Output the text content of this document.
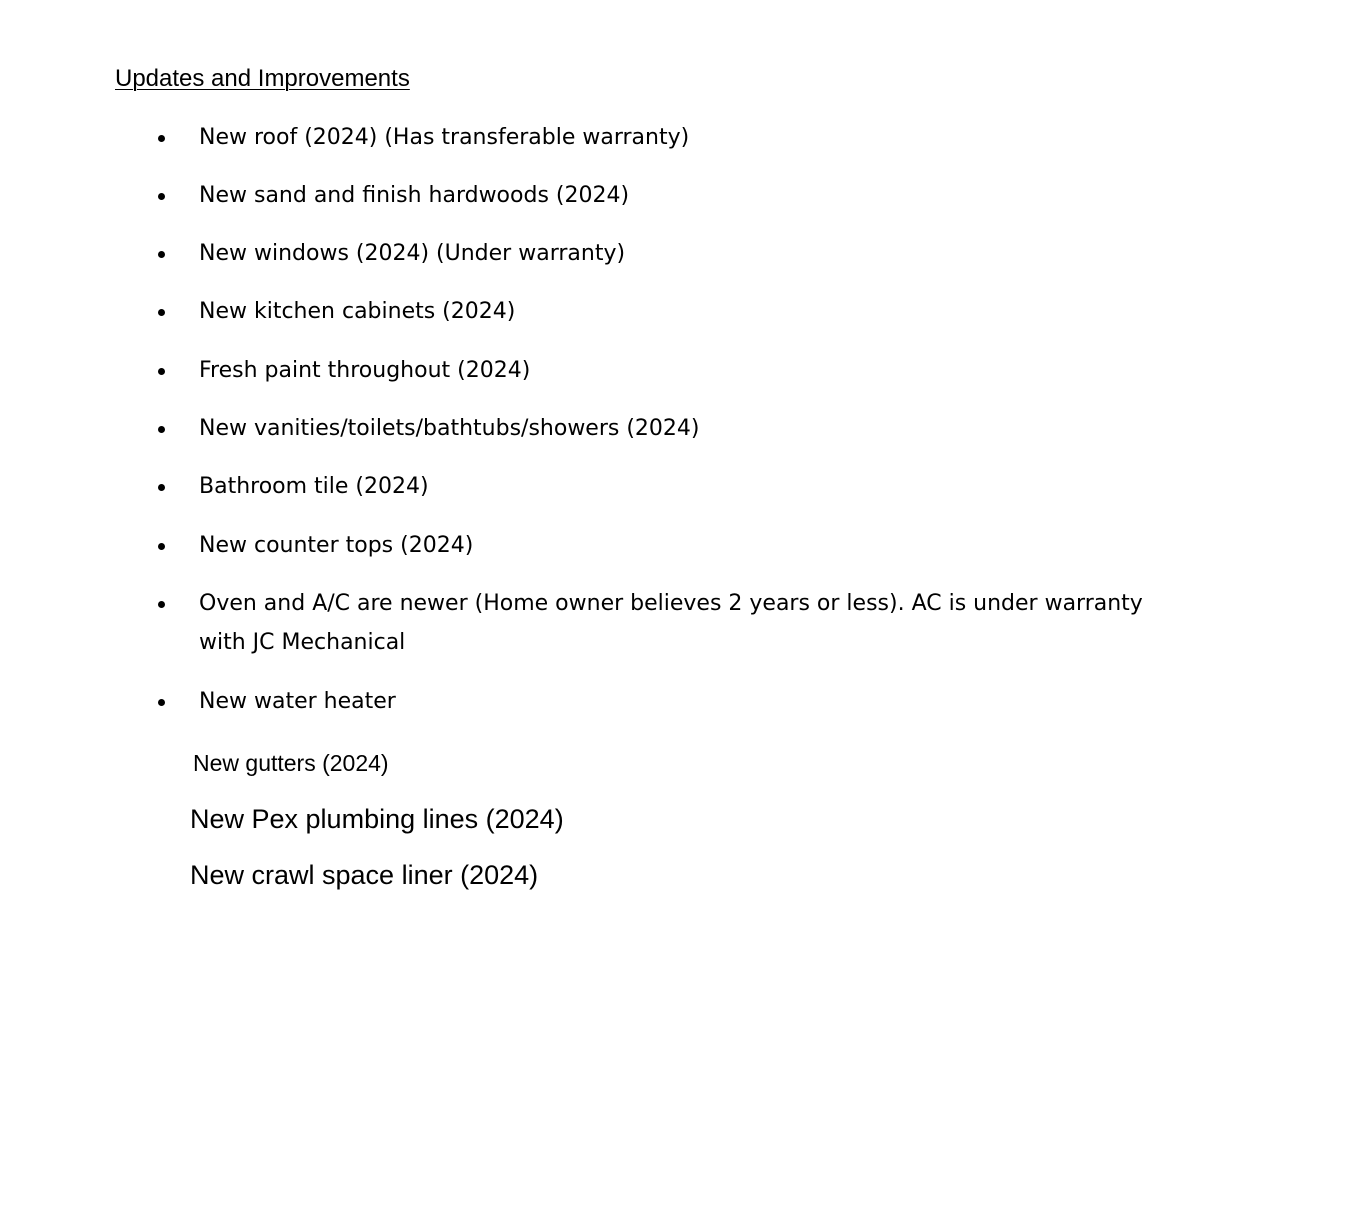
Updates and Improvements
New roof (2024) (Has transferable warranty)
New sand and finish hardwoods (2024)
New windows (2024) (Under warranty)
New kitchen cabinets (2024)
Fresh paint throughout (2024)
New vanities/toilets/bathtubs/showers (2024)
Bathroom tile (2024)
New counter tops (2024)
Oven and A/C are newer (Home owner believes 2 years or less). AC is under warranty with JC Mechanical
New water heater
New gutters (2024)
New Pex plumbing lines (2024)
New crawl space liner (2024)
